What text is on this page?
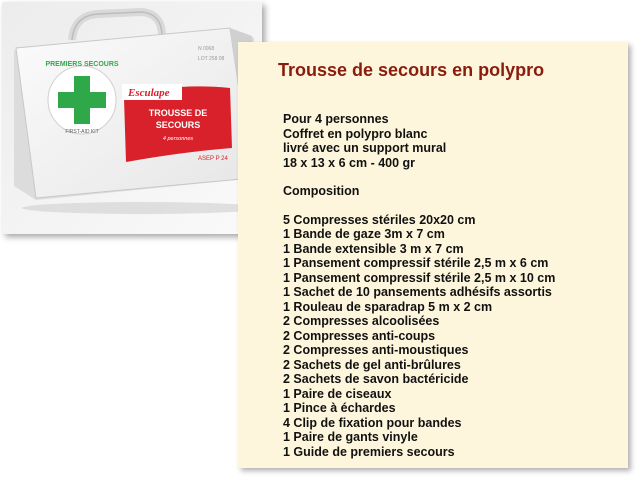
PREMIERS SECOURS
FIRST-AID KIT
Esculape
TROUSSE DE
SECOURS
4 personnes
ASEP P 24
N 0068
LOT 258 08
Trousse de secours en polypro
Pour 4 personnes
Coffret en polypro blanc
livré avec un support mural
18 x 13 x 6 cm - 400 gr
Composition
5 Compresses stériles 20x20 cm
1 Bande de gaze 3m x 7 cm
1 Bande extensible 3 m x 7 cm
1 Pansement compressif stérile 2,5 m x 6 cm
1 Pansement compressif stérile 2,5 m x 10 cm
1 Sachet de 10 pansements adhésifs assortis
1 Rouleau de sparadrap 5 m x 2 cm
2 Compresses alcoolisées
2 Compresses anti-coups
2 Compresses anti-moustiques
2 Sachets de gel anti-brûlures
2 Sachets de savon bactéricide
1 Paire de ciseaux
1 Pince à échardes
4 Clip de fixation pour bandes
1 Paire de gants vinyle
1 Guide de premiers secours
